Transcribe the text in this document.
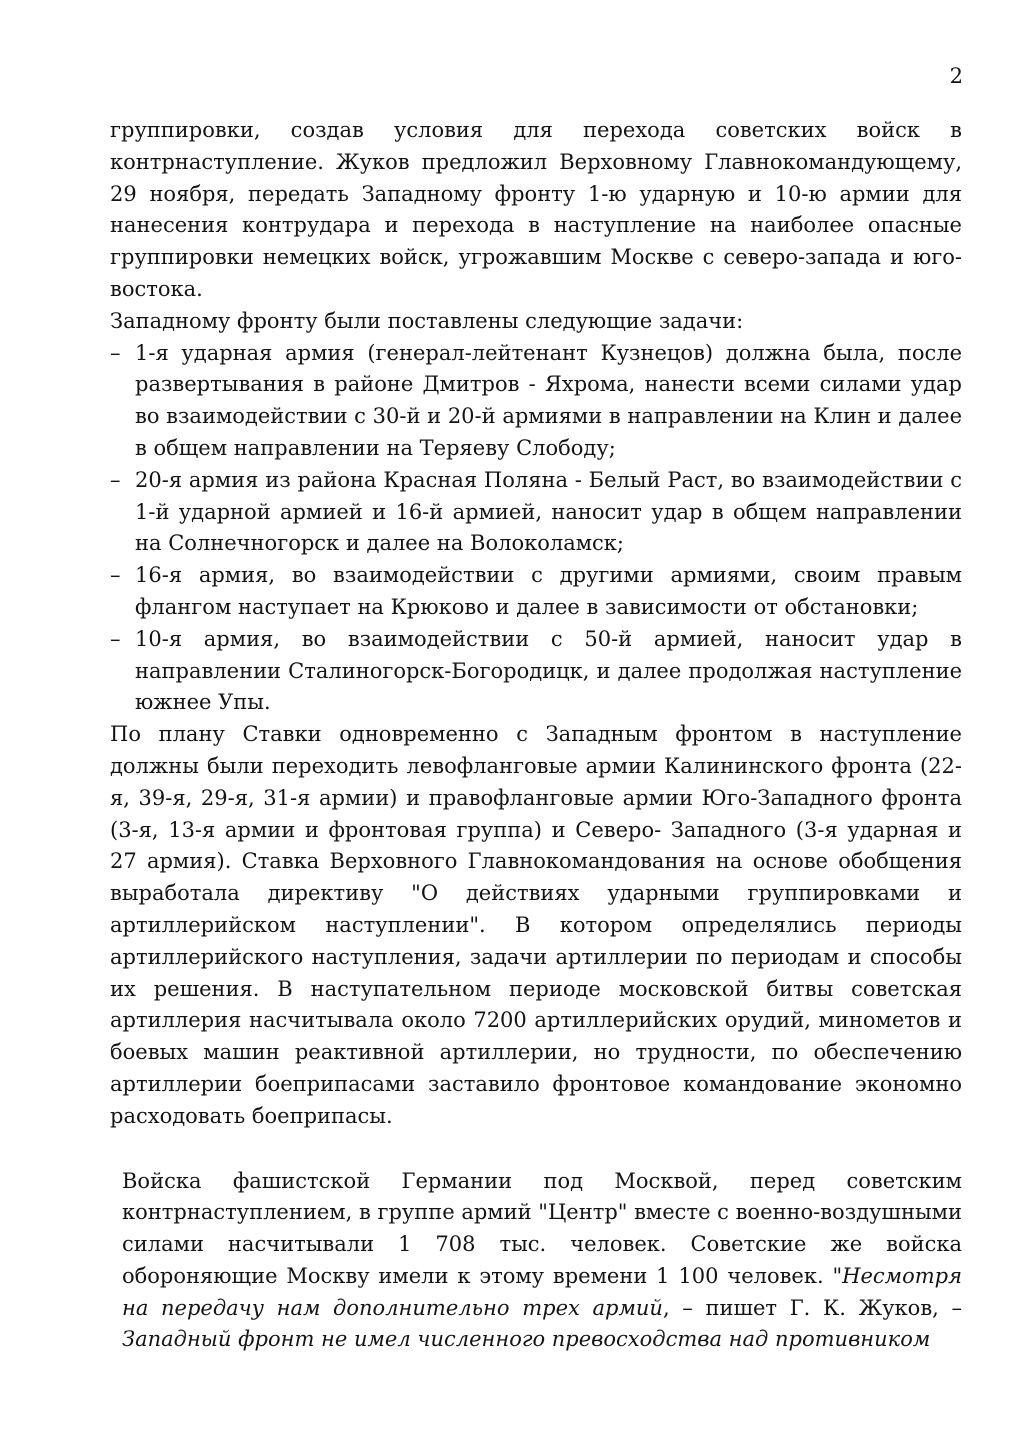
2

группировки, создав условия для перехода советских войск в контрнаступление. Жуков предложил Верховному Главнокомандующему, 29 ноября, передать Западному фронту 1-ю ударную и 10-ю армии для нанесения контрудара и перехода в наступление на наиболее опасные группировки немецких войск, угрожавшим Москве с северо-запада и юго-востока.

Западному фронту были поставлены следующие задачи:

– 1-я ударная армия (генерал-лейтенант Кузнецов) должна была, после развертывания в районе Дмитров - Яхрома, нанести всеми силами удар во взаимодействии с 30-й и 20-й армиями в направлении на Клин и далее в общем направлении на Теряеву Слободу;
– 20-я армия из района Красная Поляна - Белый Раст, во взаимодействии с 1-й ударной армией и 16-й армией, наносит удар в общем направлении на Солнечногорск и далее на Волоколамск;
– 16-я армия, во взаимодействии с другими армиями, своим правым флангом наступает на Крюково и далее в зависимости от обстановки;
– 10-я армия, во взаимодействии с 50-й армией, наносит удар в направлении Сталиногорск-Богородицк, и далее продолжая наступление южнее Упы.

По плану Ставки одновременно с Западным фронтом в наступление должны были переходить левофланговые армии Калининского фронта (22-я, 39-я, 29-я, 31-я армии) и правофланговые армии Юго-Западного фронта (3-я, 13-я армии и фронтовая группа) и Северо- Западного (3-я ударная и 27 армия). Ставка Верховного Главнокомандования на основе обобщения выработала директиву "О действиях ударными группировками и артиллерийском наступлении". В котором определялись периоды артиллерийского наступления, задачи артиллерии по периодам и способы их решения. В наступательном периоде московской битвы советская артиллерия насчитывала около 7200 артиллерийских орудий, минометов и боевых машин реактивной артиллерии, но трудности, по обеспечению артиллерии боеприпасами заставило фронтовое командование экономно расходовать боеприпасы.

Войска фашистской Германии под Москвой, перед советским контрнаступлением, в группе армий "Центр" вместе с военно-воздушными силами насчитывали 1 708 тыс. человек. Советские же войска обороняющие Москву имели к этому времени 1 100 человек. "Несмотря на передачу нам дополнительно трех армий, – пишет Г. К. Жуков, – Западный фронт не имел численного превосходства над противником
